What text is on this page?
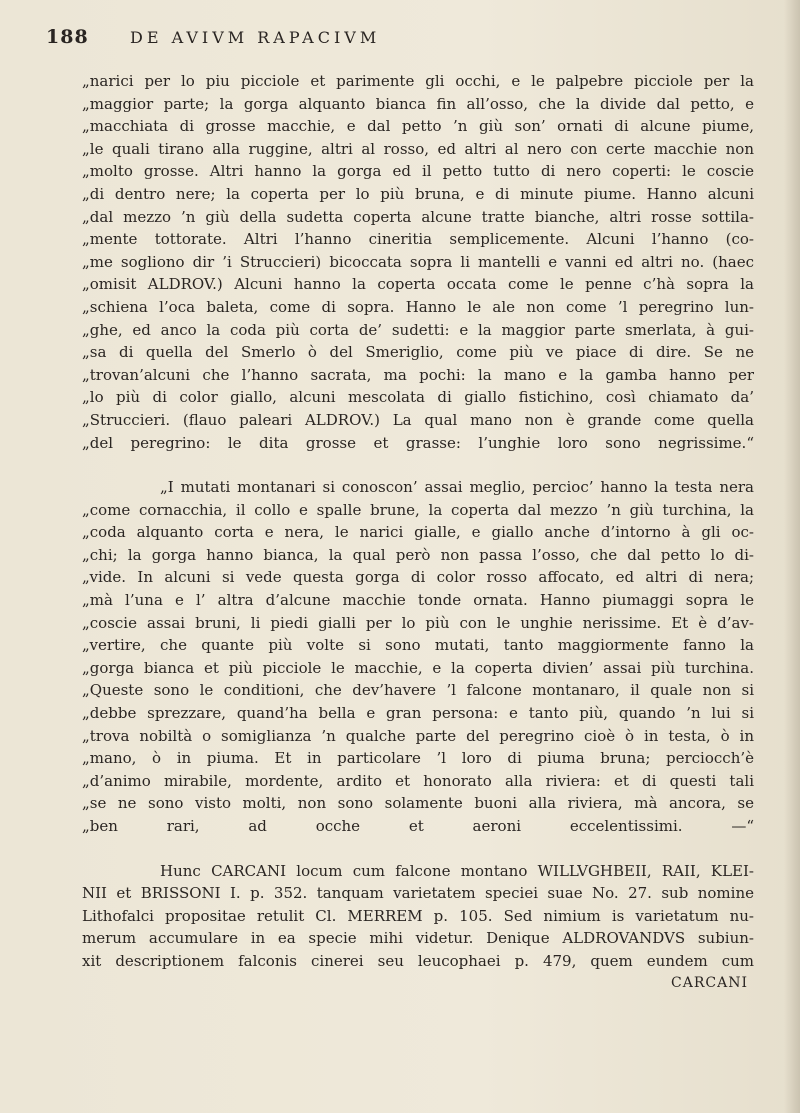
188	DE AVIVM RAPACIVM
„narici per lo piu picciole et parimente gli occhi, e le palpebre picciole per la
„maggior parte; la gorga alquanto bianca fin all’osso, che la divide dal petto, e
„macchiata di grosse macchie, e dal petto ’n giù son’ ornati di alcune piume,
„le quali tirano alla ruggine, altri al rosso, ed altri al nero con certe macchie non
„molto grosse. Altri hanno la gorga ed il petto tutto di nero coperti: le coscie
„di dentro nere; la coperta per lo più bruna, e di minute piume. Hanno alcuni
„dal mezzo ’n giù della sudetta coperta alcune tratte bianche, altri rosse sottila-
„mente tottorate. Altri l’hanno cineritia semplicemente. Alcuni l’hanno (co-
„me sogliono dir ’i Struccieri) bicoccata sopra li mantelli e vanni ed altri no. (haec
„omisit ALDROV.) Alcuni hanno la coperta occata come le penne c’hà sopra la
„schiena l’oca baleta, come di sopra. Hanno le ale non come ’l peregrino lun-
„ghe, ed anco la coda più corta de’ sudetti: e la maggior parte smerlata, à gui-
„sa di quella del Smerlo ò del Smeriglio, come più ve piace di dire. Se ne
„trovan’alcuni che l’hanno sacrata, ma pochi: la mano e la gamba hanno per
„lo più di color giallo, alcuni mescolata di giallo fistichino, così chiamato da’
„Struccieri. (flauo paleari ALDROV.) La qual mano non è grande come quella
„del peregrino: le dita grosse et grasse: l’unghie loro sono negrissime.“
„I mutati montanari si conoscon’ assai meglio, percioc’ hanno la testa nera
„come cornacchia, il collo e spalle brune, la coperta dal mezzo ’n giù turchina, la
„coda alquanto corta e nera, le narici gialle, e giallo anche d’intorno à gli oc-
„chi; la gorga hanno bianca, la qual però non passa l’osso, che dal petto lo di-
„vide. In alcuni si vede questa gorga di color rosso affocato, ed altri di nera;
„mà l’una e l’ altra d’alcune macchie tonde ornata. Hanno piumaggi sopra le
„coscie assai bruni, li piedi gialli per lo più con le unghie nerissime. Et è d’av-
„vertire, che quante più volte si sono mutati, tanto maggiormente fanno la
„gorga bianca et più picciole le macchie, e la coperta divien’ assai più turchina.
„Queste sono le conditioni, che dev’havere ’l falcone montanaro, il quale non si
„debbe sprezzare, quand’ha bella e gran persona: e tanto più, quando ’n lui si
„trova nobiltà o somiglianza ’n qualche parte del peregrino cioè ò in testa, ò in
„mano, ò in piuma. Et in particolare ’l loro di piuma bruna; perciocch’è
„d’animo mirabile, mordente, ardito et honorato alla riviera: et di questi tali
„se ne sono visto molti, non sono solamente buoni alla riviera, mà ancora, se
„ben rari, ad ocche et aeroni eccelentissimi. —“
Hunc CARCANI locum cum falcone montano WILLVGHBEII, RAII, KLEI-
NII et BRISSONI I. p. 352. tanquam varietatem speciei suae No. 27. sub nomine
Lithofalci propositae retulit Cl. MERREM p. 105. Sed nimium is varietatum nu-
merum accumulare in ea specie mihi videtur. Denique ALDROVANDVS subiun-
xit descriptionem falconis cinerei seu leucophaei p. 479, quem eundem cum
CARCANI
